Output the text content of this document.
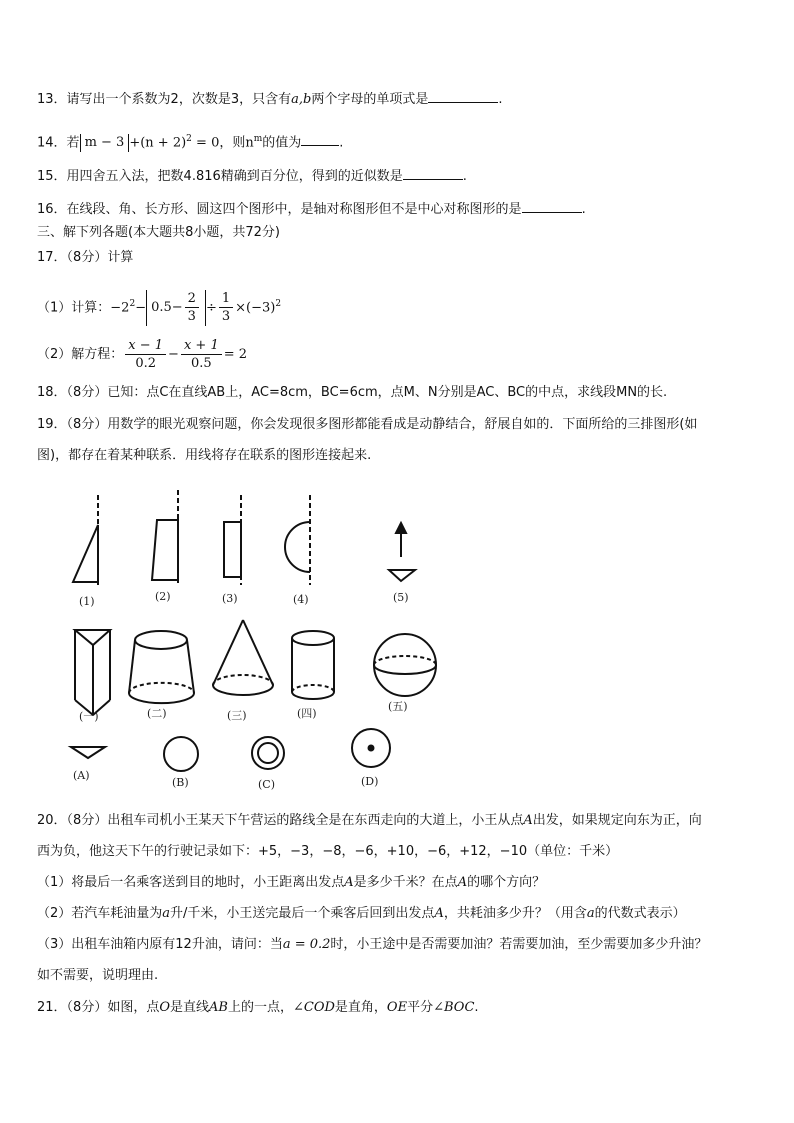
13．请写出一个系数为2，次数是3，只含有a,b两个字母的单项式是	.
14．若 $m - 3 +(n + 2)^2 = 0$，则$n^m$的值为	.
15．用四舍五入法，把数4.816精确到百分位，得到的近似数是	.
16．在线段、角、长方形、圆这四个图形中，是轴对称图形但不是中心对称图形的是	.
三、解下列各题(本大题共8小题，共72分)
17．（8分）计算
（1）计算：$-2^2- 0.5- \frac{2}{3} \div \frac{1}{3} \times(-3)^2$
（2）解方程： $\frac{x - 1}{0.2} - \frac{x + 1}{0.5} = 2$
18．（8分）已知：点C在直线AB上，AC=8cm，BC=6cm，点M、N分别是AC、BC的中点，求线段MN的长.
19．（8分）用数学的眼光观察问题，你会发现很多图形都能看成是动静结合，舒展自如的．下面所给的三排图形(如
图)，都存在着某种联系．用线将存在联系的图形连接起来.
(1)	(2)	(3)	(4)	(5)
(一)	(二)	(三)	(四)
(五)
(A)
(B)	(C)	(D)
20．（8分）出租车司机小王某天下午营运的路线全是在东西走向的大道上，小王从点A出发，如果规定向东为正，向
西为负，他这天下午的行驶记录如下：+5，−3，−8，−6，+10，−6，+12，−10（单位：千米）
（1）将最后一名乘客送到目的地时，小王距离出发点A是多少千米？在点A的哪个方向？
（2）若汽车耗油量为a升/千米，小王送完最后一个乘客后回到出发点A，共耗油多少升？（用含a的代数式表示）
（3）出租车油箱内原有12升油，请问：当a = 0.2时，小王途中是否需要加油？若需要加油，至少需要加多少升油？
如不需要，说明理由.
21．（8分）如图，点O是直线AB上的一点，∠COD是直角，OE平分∠BOC.
